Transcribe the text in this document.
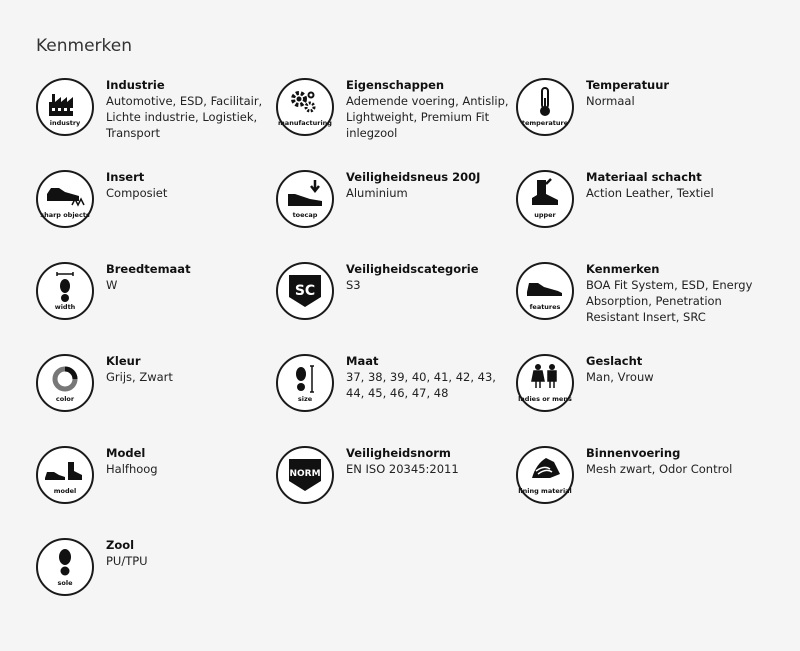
Kenmerken
industry
Industrie
Automotive, ESD, Facilitair, Lichte industrie, Logistiek, Transport
manufacturing
Eigenschappen
Ademende voering, Antislip, Lightweight, Premium Fit inlegzool
temperature
Temperatuur
Normaal
sharp objects
Insert
Composiet
toecap
Veiligheidsneus 200J
Aluminium
upper
Materiaal schacht
Action Leather, Textiel
width
Breedtemaat
W	SC
Veiligheidscategorie
S3
features
Kenmerken
BOA Fit System, ESD, Energy Absorption, Penetration Resistant Insert, SRC
color
Kleur
Grijs, Zwart
size
Maat
37, 38, 39, 40, 41, 42, 43, 44, 45, 46, 47, 48	ladies or mens
Geslacht
Man, Vrouw
model
Model
Halfhoog	NORM
Veiligheidsnorm
EN ISO 20345:2011
lining material
Binnenvoering
Mesh zwart, Odor Control
sole
Zool
PU/TPU
